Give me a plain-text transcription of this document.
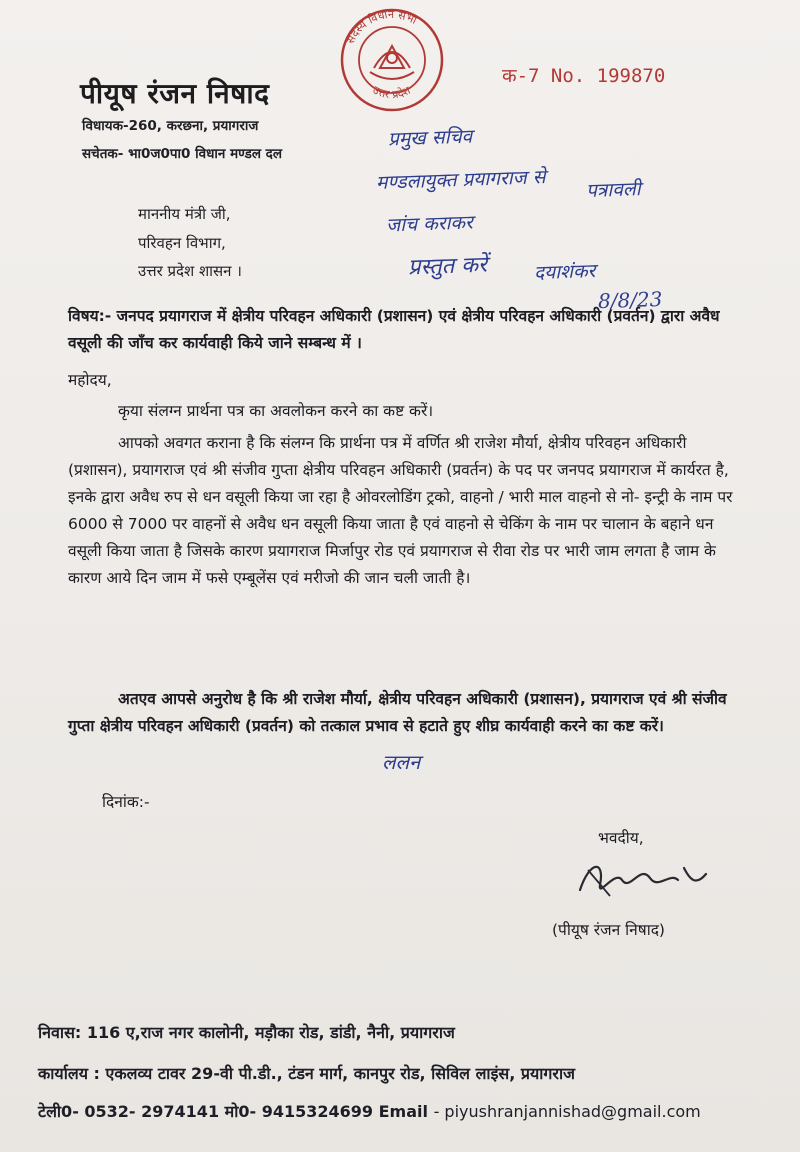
पीयूष रंजन निषाद
विधायक-260, करछना, प्रयागराज
सचेतक- भा0ज0पा0 विधान मण्डल दल
सदस्य विधान सभा
उत्तर प्रदेश
क-7 No. 199870
माननीय मंत्री जी,
परिवहन विभाग,
उत्तर प्रदेश शासन ।
प्रमुख सचिव
मण्डलायुक्त प्रयागराज से पत्रावली
जांच कराकर
प्रस्तुत करें दयाशंकर
8/8/23
विषय:- जनपद प्रयागराज में क्षेत्रीय परिवहन अधिकारी (प्रशासन) एवं क्षेत्रीय परिवहन अधिकारी (प्रवर्तन) द्वारा अवैध वसूली की जाँच कर कार्यवाही किये जाने सम्बन्ध में ।
महोदय,
कृया संलग्न प्रार्थना पत्र का अवलोकन करने का कष्ट करें।
आपको अवगत कराना है कि संलग्न कि प्रार्थना पत्र में वर्णित श्री राजेश मौर्या, क्षेत्रीय परिवहन अधिकारी (प्रशासन), प्रयागराज एवं श्री संजीव गुप्ता क्षेत्रीय परिवहन अधिकारी (प्रवर्तन) के पद पर जनपद प्रयागराज में कार्यरत है, इनके द्वारा अवैध रुप से धन वसूली किया जा रहा है ओवरलोडिंग ट्रको, वाहनो / भारी माल वाहनो से नो- इन्ट्री के नाम पर 6000 से 7000 पर वाहनों से अवैध धन वसूली किया जाता है एवं वाहनो से चेकिंग के नाम पर चालान के बहाने धन वसूली किया जाता है जिसके कारण प्रयागराज मिर्जापुर रोड एवं प्रयागराज से रीवा रोड पर भारी जाम लगता है जाम के कारण आये दिन जाम में फसे एम्बूलेंस एवं मरीजो की जान चली जाती है।
अतएव आपसे अनुरोध है कि श्री राजेश मौर्या, क्षेत्रीय परिवहन अधिकारी (प्रशासन), प्रयागराज एवं श्री संजीव गुप्ता क्षेत्रीय परिवहन अधिकारी (प्रवर्तन) को तत्काल प्रभाव से हटाते हुए शीघ्र कार्यवाही करने का कष्ट करें।
ललन
दिनांक:-
भवदीय,
(पीयूष रंजन निषाद)
निवास: 116 ए,राज नगर कालोनी, मड़ौका रोड, डांडी, नैनी, प्रयागराज
कार्यालय : एकलव्य टावर 29-वी पी.डी., टंडन मार्ग, कानपुर रोड, सिविल लाइंस, प्रयागराज
टेली0- 0532- 2974141 मो0- 9415324699 Email - piyushranjannishad@gmail.com
